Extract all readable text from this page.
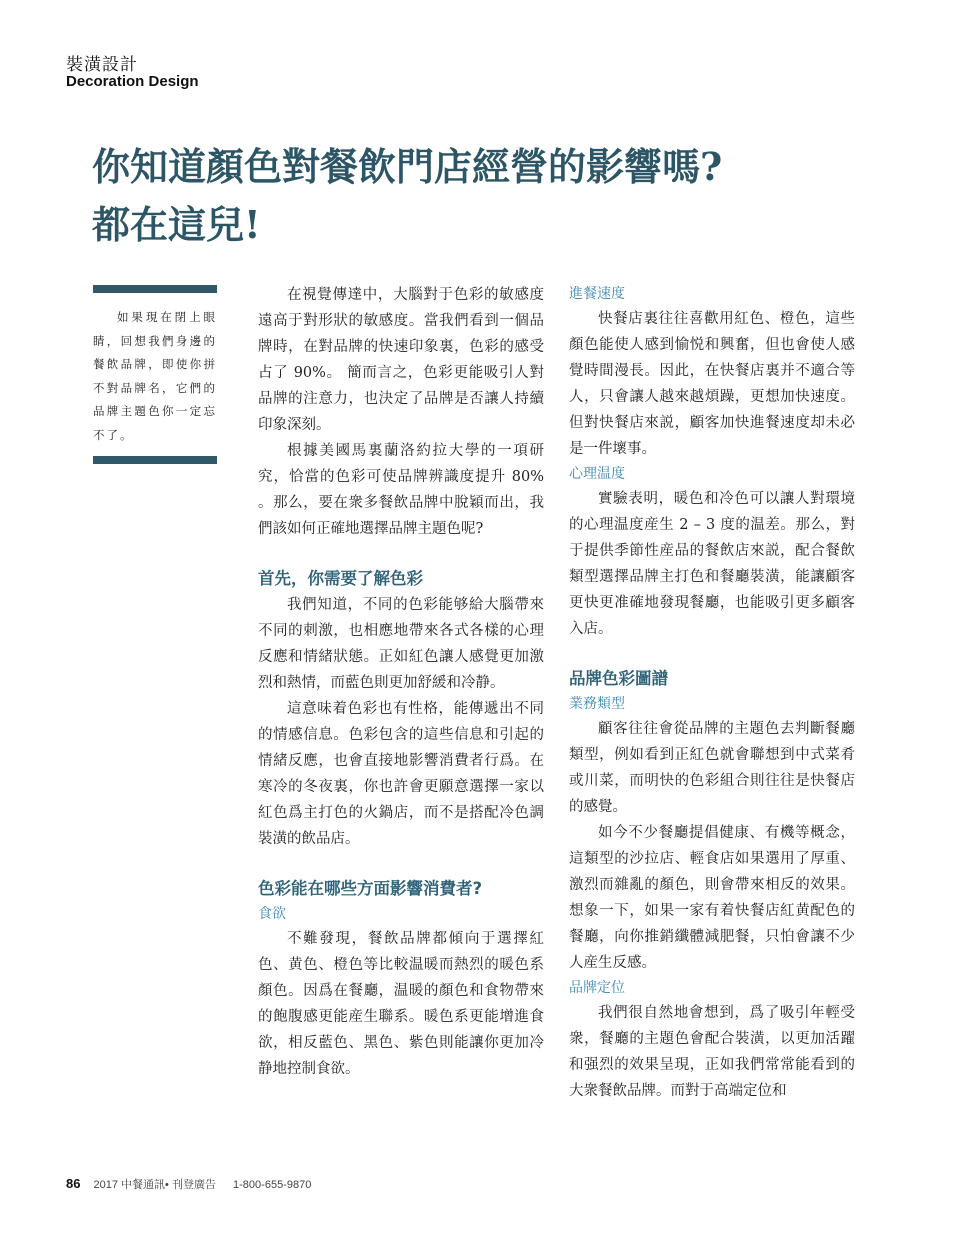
裝潢設計
Decoration Design
你知道顏色對餐飲門店經營的影響嗎?
都在這兒!
如果現在閉上眼睛，回想我們身邊的餐飲品牌，即使你拼不對品牌名，它們的品牌主題色你一定忘不了。

在視覺傳達中，大腦對于色彩的敏感度遠高于對形狀的敏感度。當我們看到一個品牌時，在對品牌的快速印象裏，色彩的感受占了 90%。 簡而言之，色彩更能吸引人對品牌的注意力，也決定了品牌是否讓人持續印象深刻。

根據美國馬裏蘭洛約拉大學的一項研究，恰當的色彩可使品牌辨識度提升 80% 。那么，要在衆多餐飲品牌中脫穎而出，我們該如何正確地選擇品牌主題色呢?

首先，你需要了解色彩

我們知道，不同的色彩能够給大腦帶來不同的刺激，也相應地帶來各式各樣的心理反應和情緒狀態。正如紅色讓人感覺更加激烈和熱情，而藍色則更加舒緩和冷静。

這意味着色彩也有性格，能傳遞出不同的情感信息。色彩包含的這些信息和引起的情緒反應，也會直接地影響消費者行爲。在寒冷的冬夜裏，你也許會更願意選擇一家以紅色爲主打色的火鍋店，而不是搭配冷色調裝潢的飲品店。

色彩能在哪些方面影響消費者?
食欲

不難發現，餐飲品牌都傾向于選擇紅色、黄色、橙色等比較温暖而熱烈的暖色系顏色。因爲在餐廳，温暖的顏色和食物帶來的飽腹感更能産生聯系。暖色系更能增進食欲，相反藍色、黑色、紫色則能讓你更加冷静地控制食欲。

進餐速度

快餐店裏往往喜歡用紅色、橙色，這些顏色能使人感到愉悦和興奮，但也會使人感覺時間漫長。因此，在快餐店裏并不適合等人，只會讓人越來越煩躁，更想加快速度。但對快餐店來説，顧客加快進餐速度却未必是一件壞事。

心理温度

實驗表明，暖色和冷色可以讓人對環境的心理温度産生 2 – 3 度的温差。那么，對于提供季節性産品的餐飲店來説，配合餐飲類型選擇品牌主打色和餐廳裝潢，能讓顧客更快更准確地發現餐廳，也能吸引更多顧客入店。

品牌色彩圖譜
業務類型

顧客往往會從品牌的主題色去判斷餐廳類型，例如看到正紅色就會聯想到中式菜肴或川菜，而明快的色彩組合則往往是快餐店的感覺。

如今不少餐廳提倡健康、有機等概念，這類型的沙拉店、輕食店如果選用了厚重、激烈而雜亂的顏色，則會帶來相反的效果。想象一下，如果一家有着快餐店紅黄配色的餐廳，向你推銷纖體減肥餐，只怕會讓不少人産生反感。

品牌定位

我們很自然地會想到，爲了吸引年輕受衆，餐廳的主題色會配合裝潢，以更加活躍和强烈的效果呈現，正如我們常常能看到的大衆餐飲品牌。而對于高端定位和

86 2017 中餐通訊• 刊登廣告 1-800-655-9870
